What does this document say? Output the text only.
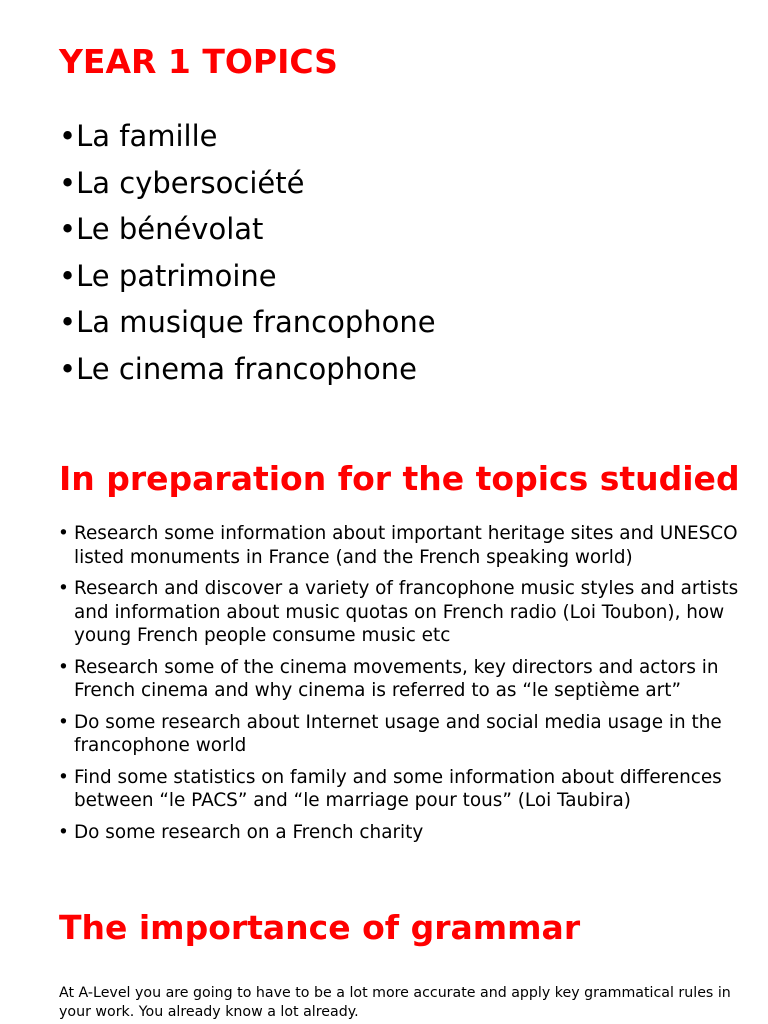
YEAR 1 TOPICS
•La famille
•La cybersociété
•Le bénévolat
•Le patrimoine
•La musique francophone
•Le cinema francophone
In preparation for the topics studied
• Research some information about important heritage sites and UNESCO listed monuments in France (and the French speaking world)
• Research and discover a variety of francophone music styles and artists and information about music quotas on French radio (Loi Toubon), how young French people consume music etc
• Research some of the cinema movements, key directors and actors in French cinema and why cinema is referred to as “le septième art”
• Do some research about Internet usage and social media usage in the francophone world
• Find some statistics on family and some information about differences between “le PACS” and “le marriage pour tous” (Loi Taubira)
• Do some research on a French charity
The importance of grammar

At A-Level you are going to have to be a lot more accurate and apply key grammatical rules in your work. You already know a lot already.
